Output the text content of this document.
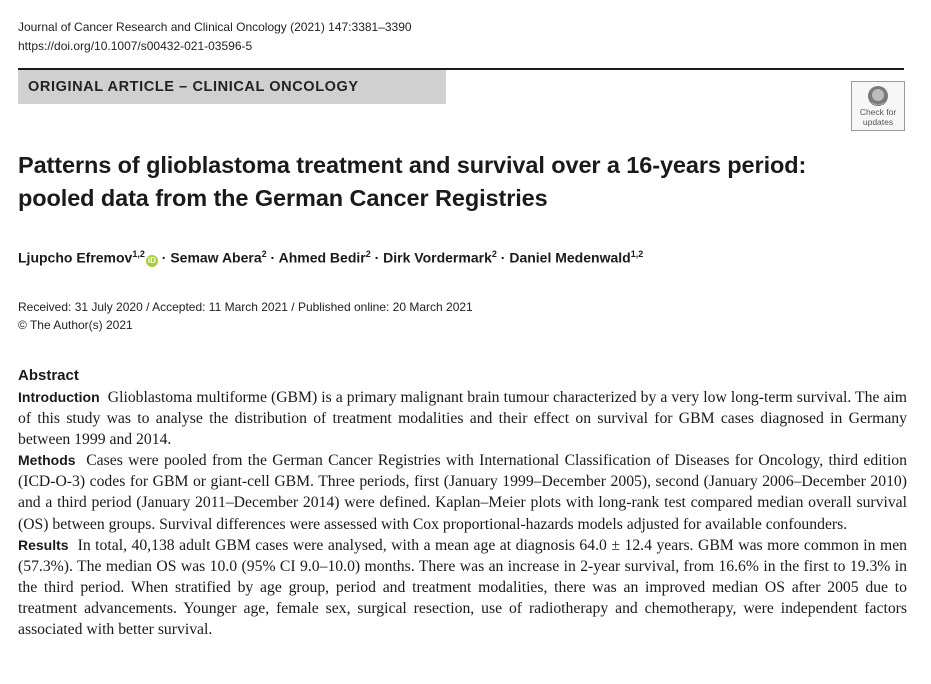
Journal of Cancer Research and Clinical Oncology (2021) 147:3381–3390
https://doi.org/10.1007/s00432-021-03596-5
ORIGINAL ARTICLE – CLINICAL ONCOLOGY
Check for
updates
Patterns of glioblastoma treatment and survival over a 16-years period: pooled data from the German Cancer Registries
Ljupcho Efremov$^{1,2}$iD · Semaw Abera$^2$ · Ahmed Bedir$^2$ · Dirk Vordermark$^2$ · Daniel Medenwald$^{1,2}$
Received: 31 July 2020 / Accepted: 11 March 2021 / Published online: 20 March 2021
© The Author(s) 2021
Abstract

Introduction Glioblastoma multiforme (GBM) is a primary malignant brain tumour characterized by a very low long-term survival. The aim of this study was to analyse the distribution of treatment modalities and their effect on survival for GBM cases diagnosed in Germany between 1999 and 2014.

Methods Cases were pooled from the German Cancer Registries with International Classification of Diseases for Oncology, third edition (ICD-O-3) codes for GBM or giant-cell GBM. Three periods, first (January 1999–December 2005), second (January 2006–December 2010) and a third period (January 2011–December 2014) were defined. Kaplan–Meier plots with long-rank test compared median overall survival (OS) between groups. Survival differences were assessed with Cox proportional-hazards models adjusted for available confounders.

Results In total, 40,138 adult GBM cases were analysed, with a mean age at diagnosis 64.0 ± 12.4 years. GBM was more common in men (57.3%). The median OS was 10.0 (95% CI 9.0–10.0) months. There was an increase in 2-year survival, from 16.6% in the first to 19.3% in the third period. When stratified by age group, period and treatment modalities, there was an improved median OS after 2005 due to treatment advancements. Younger age, female sex, surgical resection, use of radiotherapy and chemotherapy, were independent factors associated with better survival.
